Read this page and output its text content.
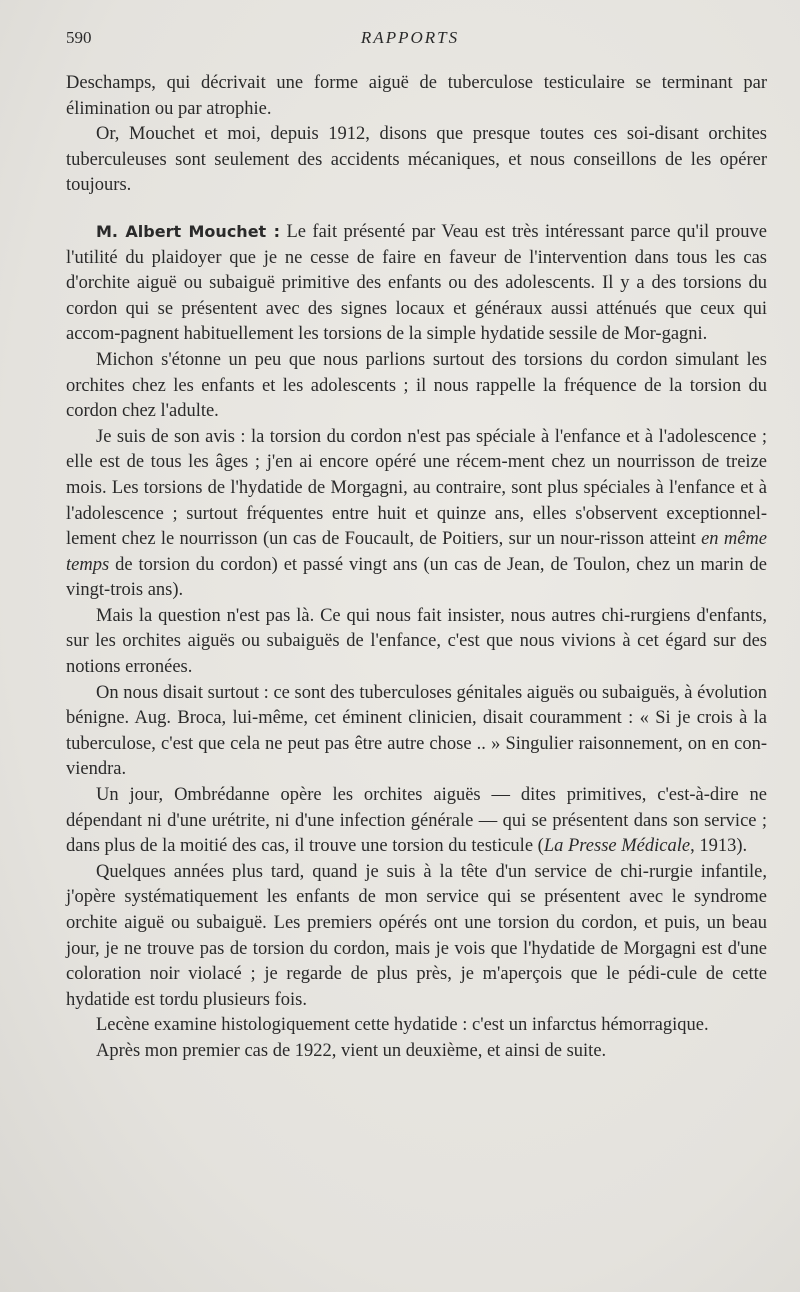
590	RAPPORTS

Deschamps, qui décrivait une forme aiguë de tuberculose testiculaire se terminant par élimination ou par atrophie.

Or, Mouchet et moi, depuis 1912, disons que presque toutes ces soi-disant orchites tuberculeuses sont seulement des accidents mécaniques, et nous conseillons de les opérer toujours.

M. Albert Mouchet : Le fait présenté par Veau est très intéressant parce qu'il prouve l'utilité du plaidoyer que je ne cesse de faire en faveur de l'intervention dans tous les cas d'orchite aiguë ou subaiguë primitive des enfants ou des adolescents. Il y a des torsions du cordon qui se présentent avec des signes locaux et généraux aussi atténués que ceux qui accom-pagnent habituellement les torsions de la simple hydatide sessile de Mor-gagni.

Michon s'étonne un peu que nous parlions surtout des torsions du cordon simulant les orchites chez les enfants et les adolescents ; il nous rappelle la fréquence de la torsion du cordon chez l'adulte.

Je suis de son avis : la torsion du cordon n'est pas spéciale à l'enfance et à l'adolescence ; elle est de tous les âges ; j'en ai encore opéré une récem-ment chez un nourrisson de treize mois. Les torsions de l'hydatide de Morgagni, au contraire, sont plus spéciales à l'enfance et à l'adolescence ; surtout fréquentes entre huit et quinze ans, elles s'observent exceptionnel-lement chez le nourrisson (un cas de Foucault, de Poitiers, sur un nour-risson atteint en même temps de torsion du cordon) et passé vingt ans (un cas de Jean, de Toulon, chez un marin de vingt-trois ans).

Mais la question n'est pas là. Ce qui nous fait insister, nous autres chi-rurgiens d'enfants, sur les orchites aiguës ou subaiguës de l'enfance, c'est que nous vivions à cet égard sur des notions erronées.

On nous disait surtout : ce sont des tuberculoses génitales aiguës ou subaiguës, à évolution bénigne. Aug. Broca, lui-même, cet éminent clinicien, disait couramment : « Si je crois à la tuberculose, c'est que cela ne peut pas être autre chose .. » Singulier raisonnement, on en con-viendra.

Un jour, Ombrédanne opère les orchites aiguës — dites primitives, c'est-à-dire ne dépendant ni d'une urétrite, ni d'une infection générale — qui se présentent dans son service ; dans plus de la moitié des cas, il trouve une torsion du testicule (La Presse Médicale, 1913).

Quelques années plus tard, quand je suis à la tête d'un service de chi-rurgie infantile, j'opère systématiquement les enfants de mon service qui se présentent avec le syndrome orchite aiguë ou subaiguë. Les premiers opérés ont une torsion du cordon, et puis, un beau jour, je ne trouve pas de torsion du cordon, mais je vois que l'hydatide de Morgagni est d'une coloration noir violacé ; je regarde de plus près, je m'aperçois que le pédi-cule de cette hydatide est tordu plusieurs fois.

Lecène examine histologiquement cette hydatide : c'est un infarctus hémorragique.

Après mon premier cas de 1922, vient un deuxième, et ainsi de suite.
